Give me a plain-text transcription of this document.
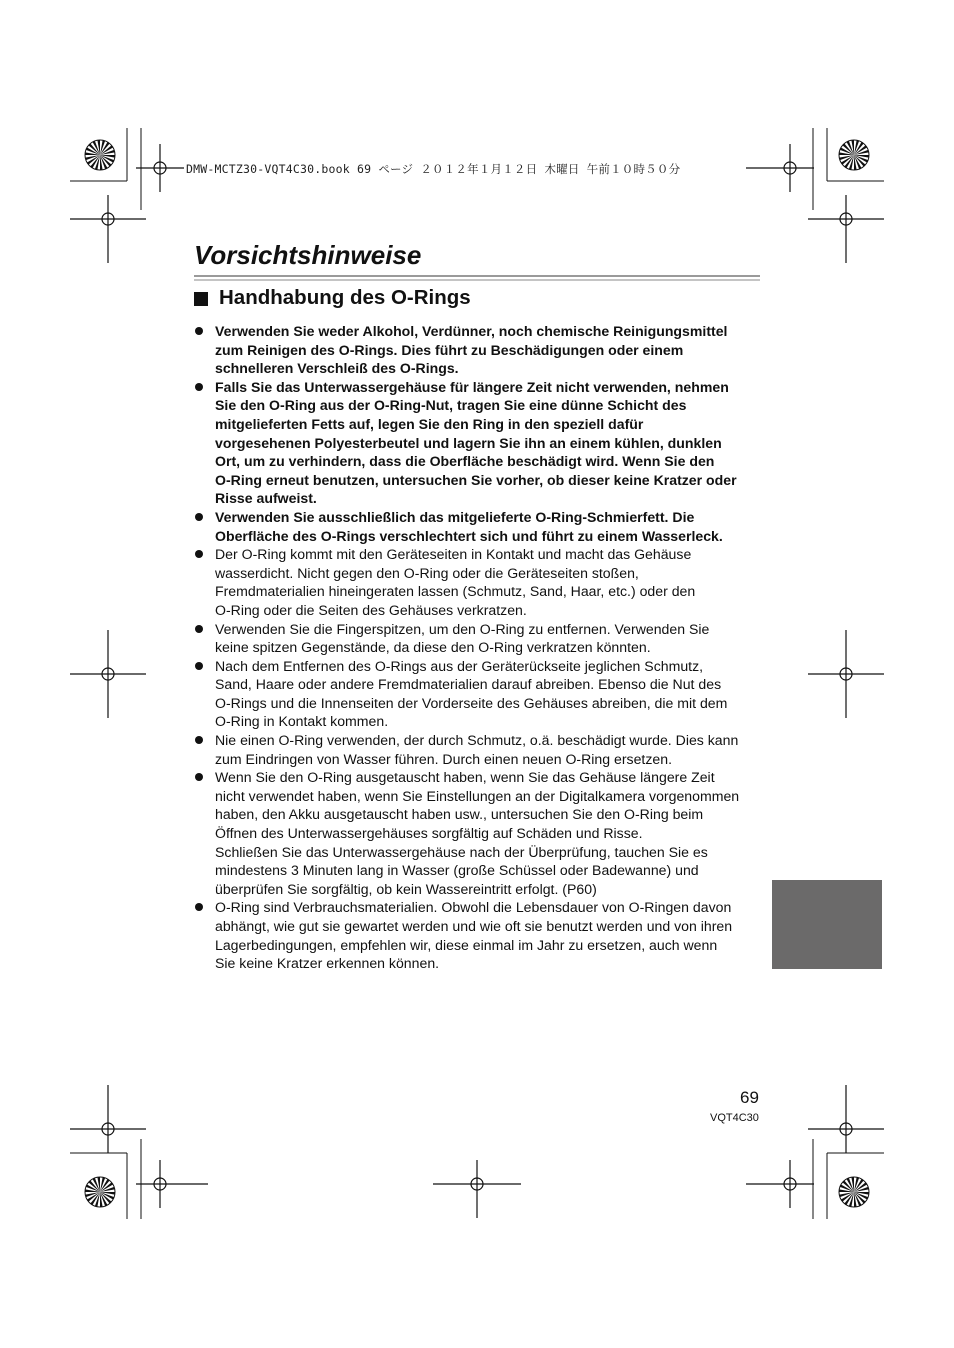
DMW-MCTZ30-VQT4C30.book 69 ページ ２０１２年１月１２日 木曜日 午前１０時５０分
Vorsichtshinweise
Handhabung des O-Rings
Verwenden Sie weder Alkohol, Verdünner, noch chemische Reinigungsmittel
zum Reinigen des O-Rings. Dies führt zu Beschädigungen oder einem
schnelleren Verschleiß des O-Rings.
Falls Sie das Unterwassergehäuse für längere Zeit nicht verwenden, nehmen
Sie den O-Ring aus der O-Ring-Nut, tragen Sie eine dünne Schicht des
mitgelieferten Fetts auf, legen Sie den Ring in den speziell dafür
vorgesehenen Polyesterbeutel und lagern Sie ihn an einem kühlen, dunklen
Ort, um zu verhindern, dass die Oberfläche beschädigt wird. Wenn Sie den
O-Ring erneut benutzen, untersuchen Sie vorher, ob dieser keine Kratzer oder
Risse aufweist.
Verwenden Sie ausschließlich das mitgelieferte O-Ring-Schmierfett. Die
Oberfläche des O-Rings verschlechtert sich und führt zu einem Wasserleck.
Der O-Ring kommt mit den Geräteseiten in Kontakt und macht das Gehäuse
wasserdicht. Nicht gegen den O-Ring oder die Geräteseiten stoßen,
Fremdmaterialien hineingeraten lassen (Schmutz, Sand, Haar, etc.) oder den
O-Ring oder die Seiten des Gehäuses verkratzen.
Verwenden Sie die Fingerspitzen, um den O-Ring zu entfernen. Verwenden Sie
keine spitzen Gegenstände, da diese den O-Ring verkratzen könnten.
Nach dem Entfernen des O-Rings aus der Geräterückseite jeglichen Schmutz,
Sand, Haare oder andere Fremdmaterialien darauf abreiben. Ebenso die Nut des
O-Rings und die Innenseiten der Vorderseite des Gehäuses abreiben, die mit dem
O-Ring in Kontakt kommen.
Nie einen O-Ring verwenden, der durch Schmutz, o.ä. beschädigt wurde. Dies kann
zum Eindringen von Wasser führen. Durch einen neuen O-Ring ersetzen.
Wenn Sie den O-Ring ausgetauscht haben, wenn Sie das Gehäuse längere Zeit
nicht verwendet haben, wenn Sie Einstellungen an der Digitalkamera vorgenommen
haben, den Akku ausgetauscht haben usw., untersuchen Sie den O-Ring beim
Öffnen des Unterwassergehäuses sorgfältig auf Schäden und Risse.
Schließen Sie das Unterwassergehäuse nach der Überprüfung, tauchen Sie es
mindestens 3 Minuten lang in Wasser (große Schüssel oder Badewanne) und
überprüfen Sie sorgfältig, ob kein Wassereintritt erfolgt. (P60)
O-Ring sind Verbrauchsmaterialien. Obwohl die Lebensdauer von O-Ringen davon
abhängt, wie gut sie gewartet werden und wie oft sie benutzt werden und von ihren
Lagerbedingungen, empfehlen wir, diese einmal im Jahr zu ersetzen, auch wenn
Sie keine Kratzer erkennen können.
69
VQT4C30
